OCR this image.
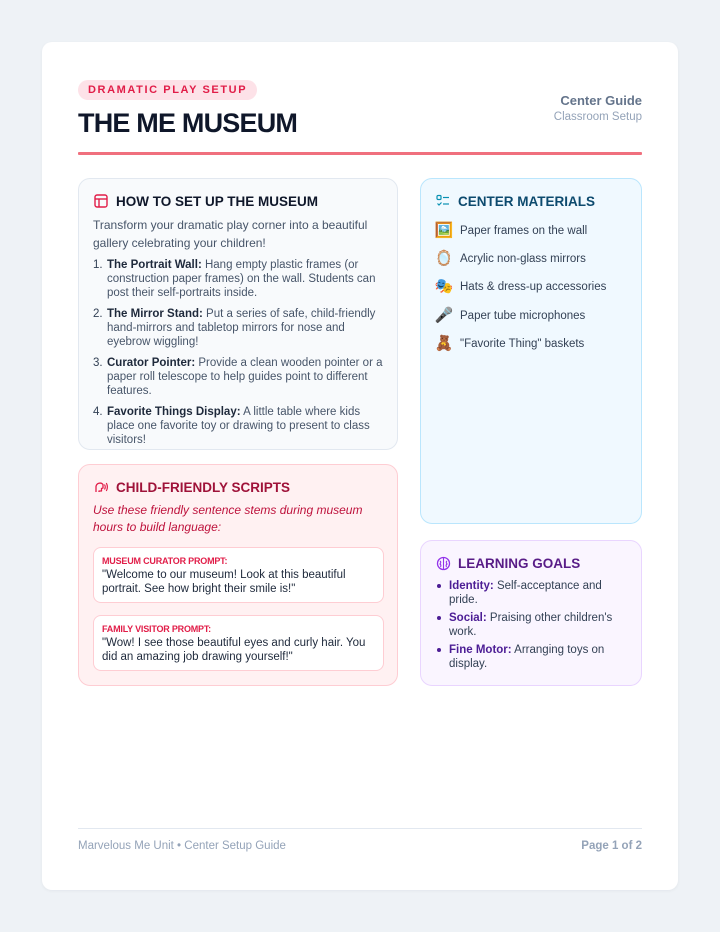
DRAMATIC PLAY SETUP
THE ME MUSEUM
Center Guide
Classroom Setup
HOW TO SET UP THE MUSEUM
Transform your dramatic play corner into a beautiful gallery celebrating your children!
1. The Portrait Wall: Hang empty plastic frames (or construction paper frames) on the wall. Students can post their self-portraits inside.
2. The Mirror Stand: Put a series of safe, child-friendly hand-mirrors and tabletop mirrors for nose and eyebrow wiggling!
3. Curator Pointer: Provide a clean wooden pointer or a paper roll telescope to help guides point to different features.
4. Favorite Things Display: A little table where kids place one favorite toy or drawing to present to class visitors!
CHILD-FRIENDLY SCRIPTS
Use these friendly sentence stems during museum hours to build language:
MUSEUM CURATOR PROMPT:
"Welcome to our museum! Look at this beautiful portrait. See how bright their smile is!"
FAMILY VISITOR PROMPT:
"Wow! I see those beautiful eyes and curly hair. You did an amazing job drawing yourself!"
CENTER MATERIALS
🖼️ Paper frames on the wall
🪞 Acrylic non-glass mirrors
🎭 Hats & dress-up accessories
🎤 Paper tube microphones
🧸 "Favorite Thing" baskets
LEARNING GOALS
Identity: Self-acceptance and pride.
Social: Praising other children's work.
Fine Motor: Arranging toys on display.
Marvelous Me Unit • Center Setup Guide	Page 1 of 2
